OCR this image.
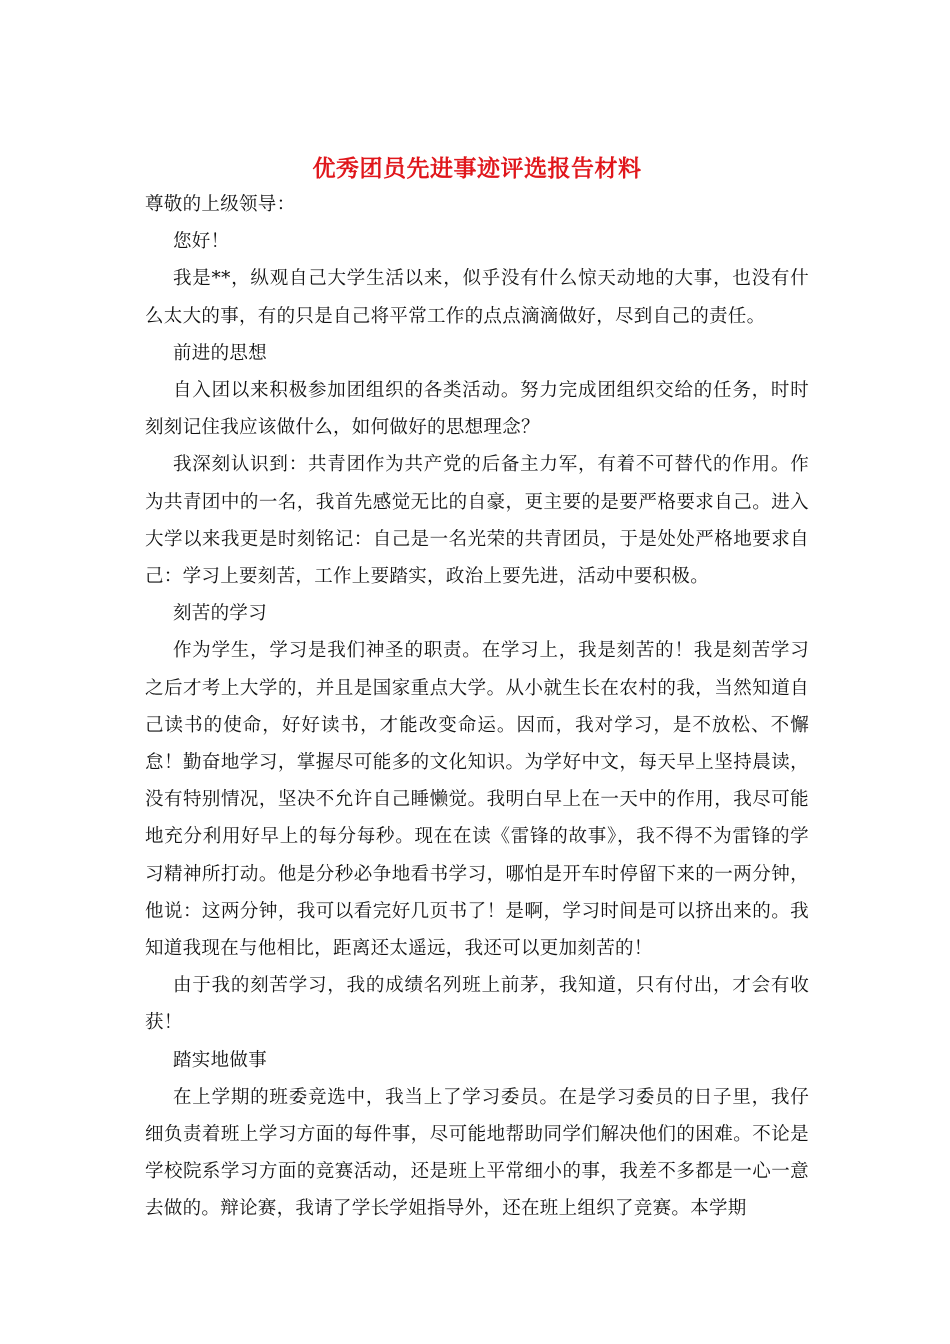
优秀团员先进事迹评选报告材料

尊敬的上级领导：

您好！

我是**，纵观自己大学生活以来，似乎没有什么惊天动地的大事，也没有什么太大的事，有的只是自己将平常工作的点点滴滴做好，尽到自己的责任。

前进的思想

自入团以来积极参加团组织的各类活动。努力完成团组织交给的任务，时时刻刻记住我应该做什么，如何做好的思想理念？

我深刻认识到：共青团作为共产党的后备主力军，有着不可替代的作用。作为共青团中的一名，我首先感觉无比的自豪，更主要的是要严格要求自己。进入大学以来我更是时刻铭记：自己是一名光荣的共青团员，于是处处严格地要求自己：学习上要刻苦，工作上要踏实，政治上要先进，活动中要积极。

刻苦的学习

作为学生，学习是我们神圣的职责。在学习上，我是刻苦的！我是刻苦学习之后才考上大学的，并且是国家重点大学。从小就生长在农村的我，当然知道自己读书的使命，好好读书，才能改变命运。因而，我对学习，是不放松、不懈怠！勤奋地学习，掌握尽可能多的文化知识。为学好中文，每天早上坚持晨读，没有特别情况，坚决不允许自己睡懒觉。我明白早上在一天中的作用，我尽可能地充分利用好早上的每分每秒。现在在读《雷锋的故事》，我不得不为雷锋的学习精神所打动。他是分秒必争地看书学习，哪怕是开车时停留下来的一两分钟，他说：这两分钟，我可以看完好几页书了！是啊，学习时间是可以挤出来的。我知道我现在与他相比，距离还太遥远，我还可以更加刻苦的！

由于我的刻苦学习，我的成绩名列班上前茅，我知道，只有付出，才会有收获！

踏实地做事

在上学期的班委竞选中，我当上了学习委员。在是学习委员的日子里，我仔细负责着班上学习方面的每件事，尽可能地帮助同学们解决他们的困难。不论是学校院系学习方面的竞赛活动，还是班上平常细小的事，我差不多都是一心一意去做的。辩论赛，我请了学长学姐指导外，还在班上组织了竞赛。本学期
